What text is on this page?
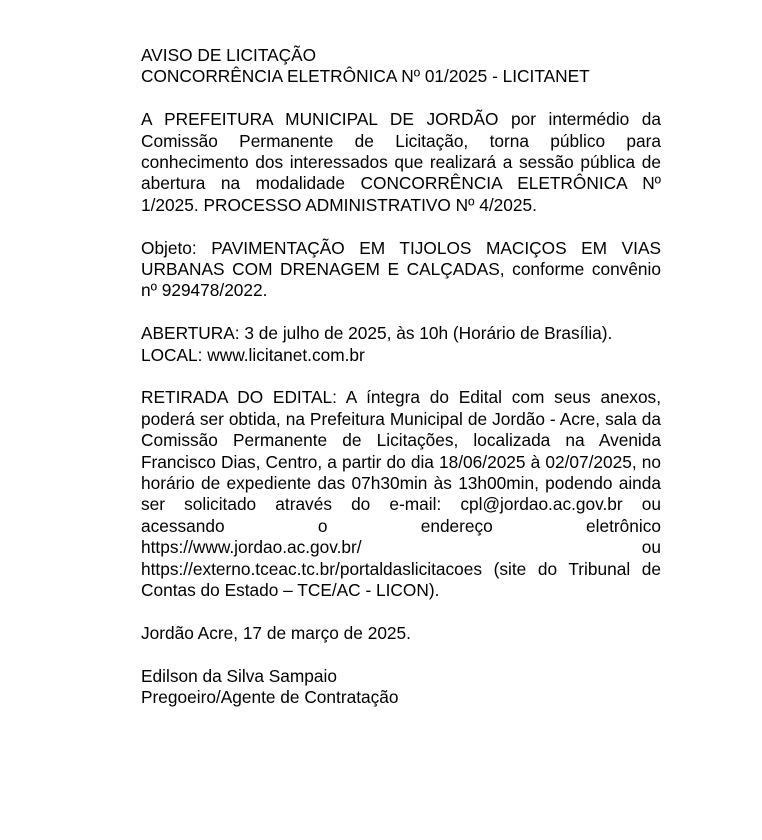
AVISO DE LICITAÇÃO
CONCORRÊNCIA ELETRÔNICA Nº 01/2025 - LICITANET
A PREFEITURA MUNICIPAL DE JORDÃO por intermédio da Comissão Permanente de Licitação, torna público para conhecimento dos interessados que realizará a sessão pública de abertura na modalidade CONCORRÊNCIA ELETRÔNICA Nº 1/2025. PROCESSO ADMINISTRATIVO Nº 4/2025.
Objeto: PAVIMENTAÇÃO EM TIJOLOS MACIÇOS EM VIAS URBANAS COM DRENAGEM E CALÇADAS, conforme convênio nº 929478/2022.
ABERTURA: 3 de julho de 2025, às 10h (Horário de Brasília).
LOCAL: www.licitanet.com.br
RETIRADA DO EDITAL: A íntegra do Edital com seus anexos, poderá ser obtida, na Prefeitura Municipal de Jordão - Acre, sala da Comissão Permanente de Licitações, localizada na Avenida Francisco Dias, Centro, a partir do dia 18/06/2025 à 02/07/2025, no horário de expediente das 07h30min às 13h00min, podendo ainda ser solicitado através do e-mail: cpl@jordao.ac.gov.br ou acessando o endereço eletrônico
https://www.jordao.ac.gov.br/	ou
https://externo.tceac.tc.br/portaldaslicitacoes (site do Tribunal de Contas do Estado – TCE/AC - LICON).
Jordão Acre, 17 de março de 2025.
Edilson da Silva Sampaio
Pregoeiro/Agente de Contratação
